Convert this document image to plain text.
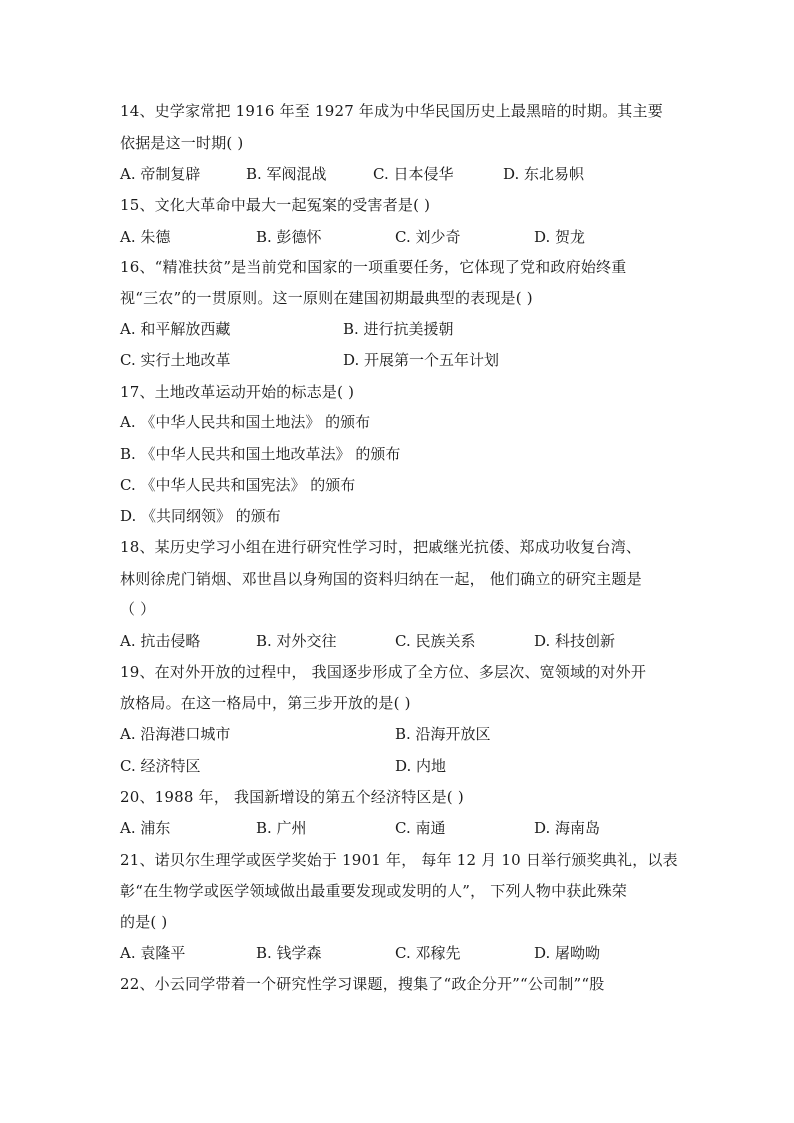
14、史学家常把 1916 年至 1927 年成为中华民国历史上最黑暗的时期。其主要
依据是这一时期( )
A. 帝制复辟	B. 军阀混战	C. 日本侵华	D. 东北易帜
15、文化大革命中最大一起冤案的受害者是( )
A. 朱德	B. 彭德怀	C. 刘少奇	D. 贺龙
16、“精准扶贫”是当前党和国家的一项重要任务，它体现了党和政府始终重
视“三农”的一贯原则。这一原则在建国初期最典型的表现是( )
A. 和平解放西藏	B. 进行抗美援朝
C. 实行土地改革	D. 开展第一个五年计划
17、土地改革运动开始的标志是( )
A. 《中华人民共和国土地法》 的颁布
B. 《中华人民共和国土地改革法》 的颁布
C. 《中华人民共和国宪法》 的颁布
D. 《共同纲领》 的颁布
18、某历史学习小组在进行研究性学习时，把戚继光抗倭、郑成功收复台湾、
林则徐虎门销烟、邓世昌以身殉国的资料归纳在一起， 他们确立的研究主题是
（ ）
A. 抗击侵略	B. 对外交往	C. 民族关系	D. 科技创新
19、在对外开放的过程中， 我国逐步形成了全方位、多层次、宽领域的对外开
放格局。在这一格局中，第三步开放的是( )
A. 沿海港口城市	B. 沿海开放区
C. 经济特区	D. 内地
20、1988 年， 我国新增设的第五个经济特区是( )
A. 浦东	B. 广州	C. 南通	D. 海南岛
21、诺贝尔生理学或医学奖始于 1901 年， 每年 12 月 10 日举行颁奖典礼，以表
彰“在生物学或医学领域做出最重要发现或发明的人”， 下列人物中获此殊荣
的是( )
A. 袁隆平	B. 钱学森	C. 邓稼先	D. 屠呦呦
22、小云同学带着一个研究性学习课题，搜集了“政企分开”“公司制”“股
